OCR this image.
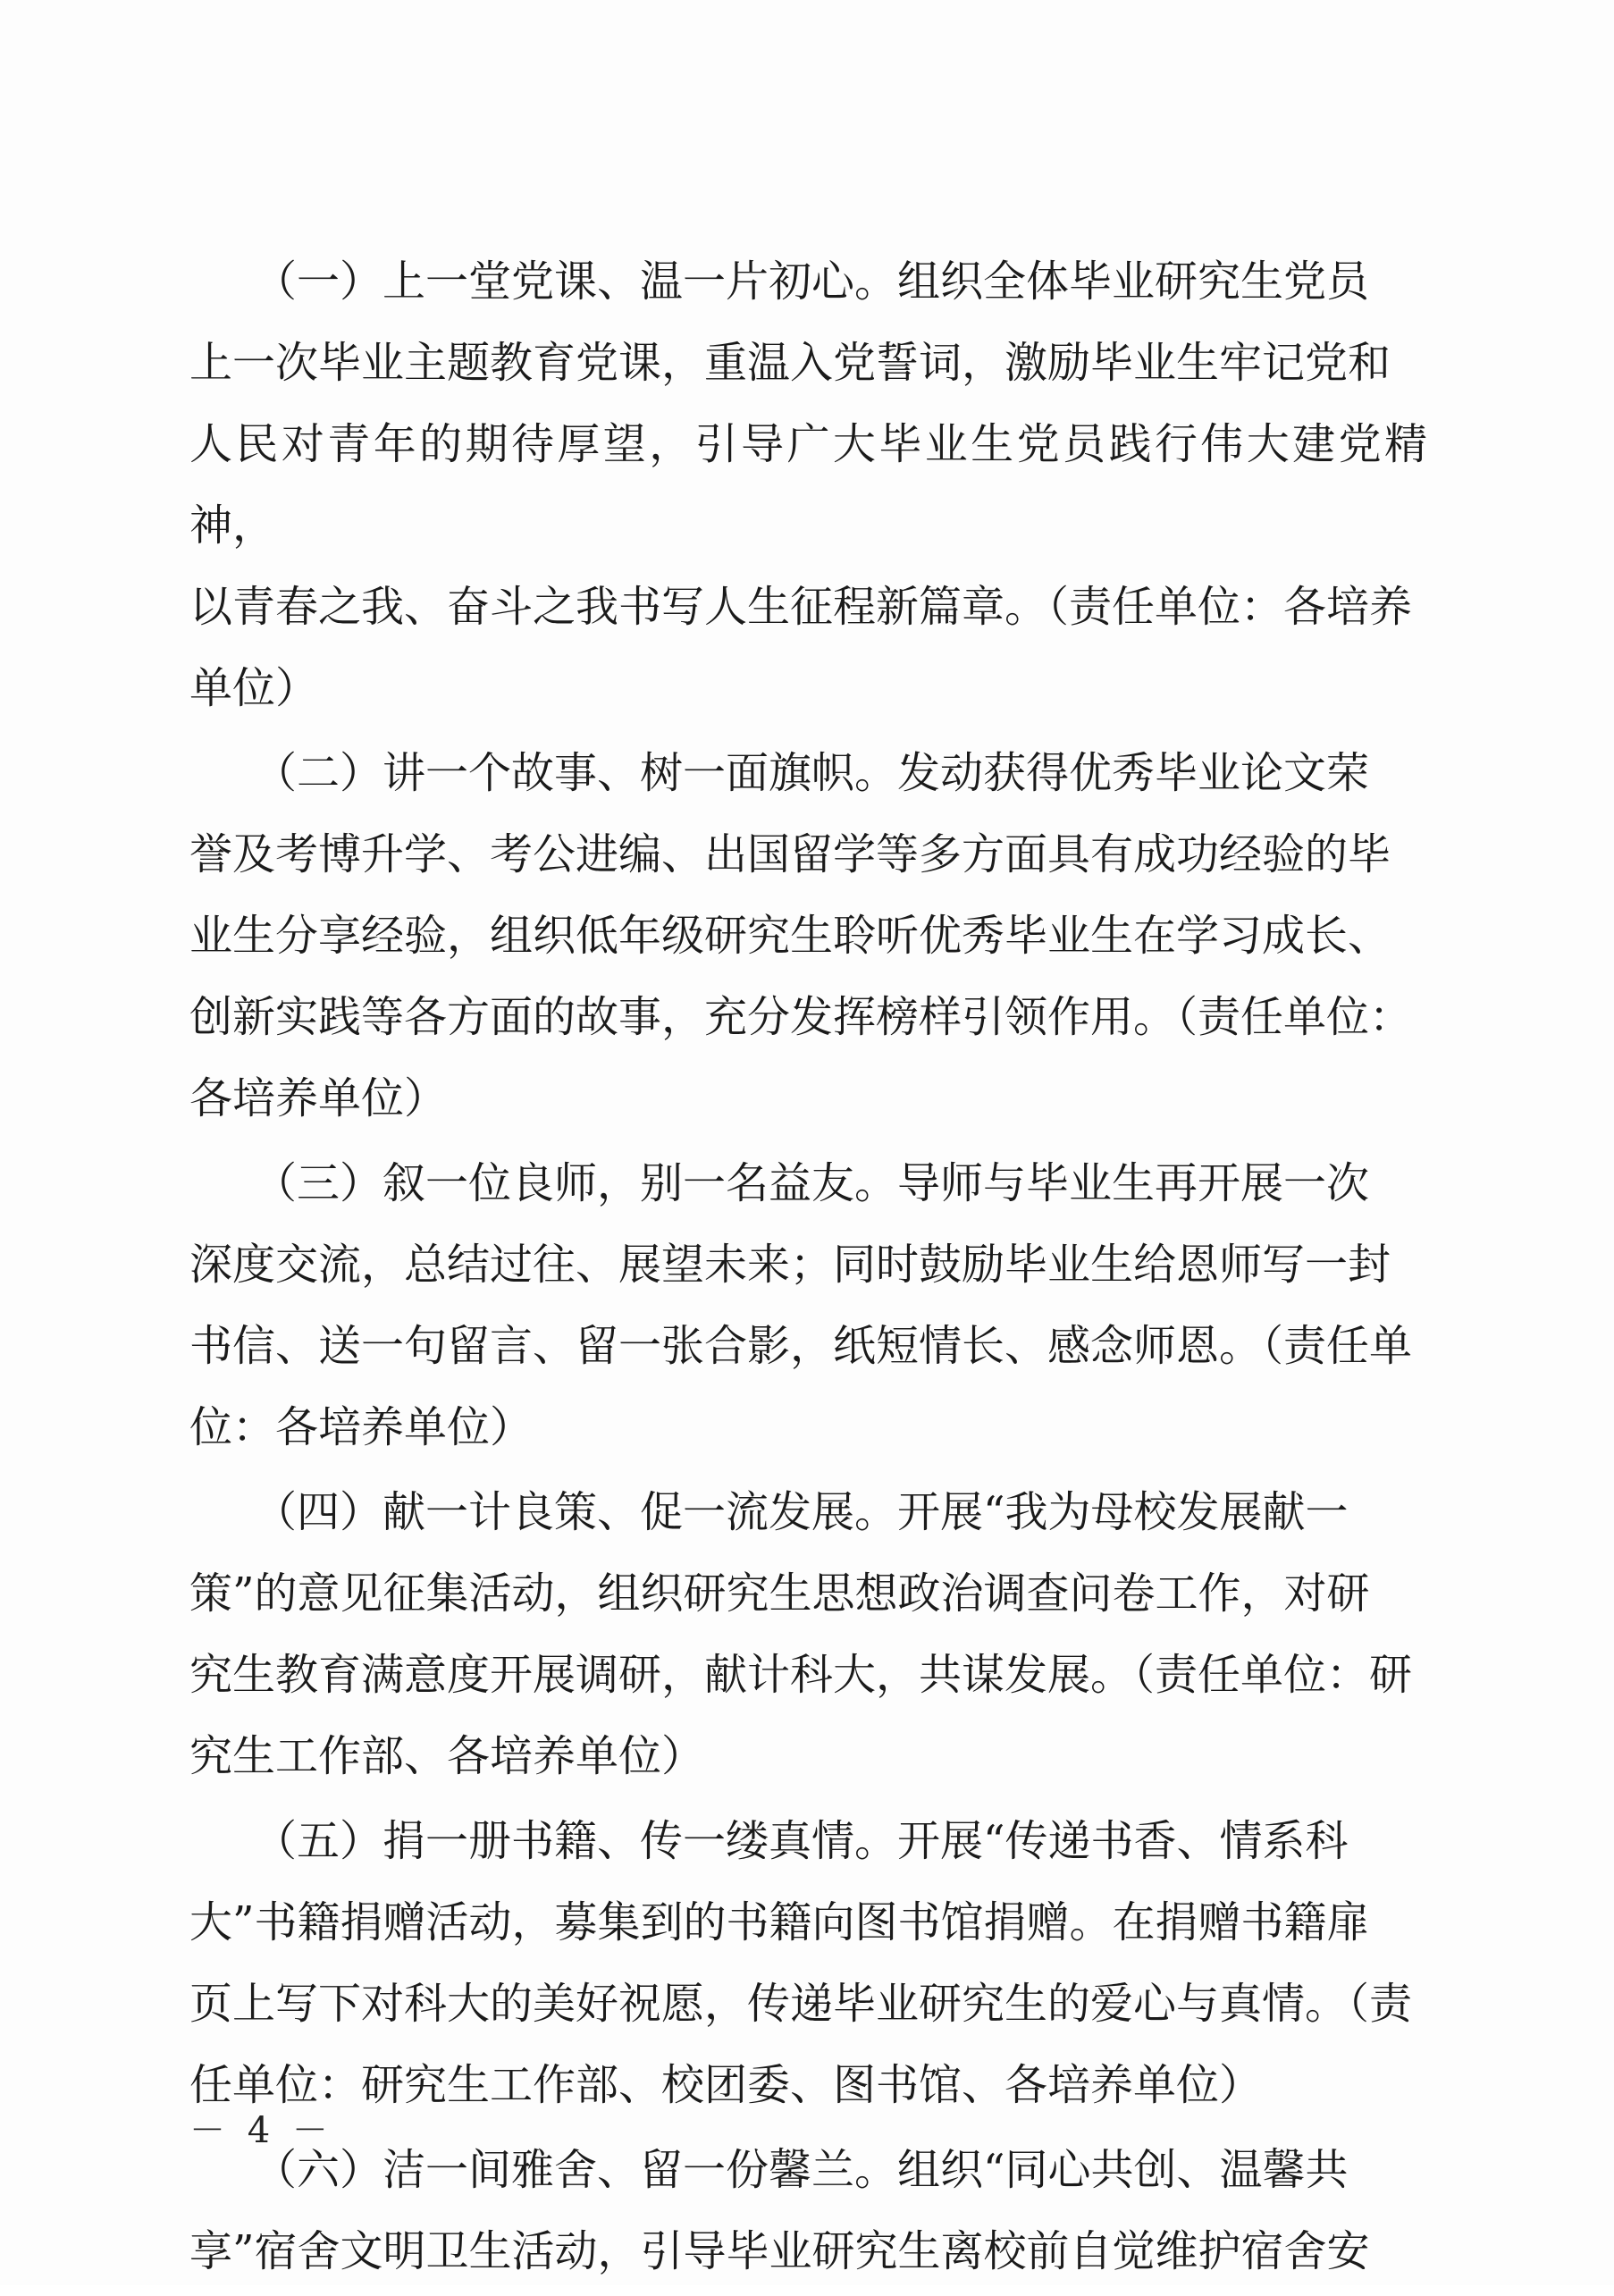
　　（一）上一堂党课、温一片初心。组织全体毕业研究生党员
上一次毕业主题教育党课，重温入党誓词，激励毕业生牢记党和
人民对青年的期待厚望，引导广大毕业生党员践行伟大建党精神，
以青春之我、奋斗之我书写人生征程新篇章。（责任单位：各培养
单位）

　　（二）讲一个故事、树一面旗帜。发动获得优秀毕业论文荣
誉及考博升学、考公进编、出国留学等多方面具有成功经验的毕
业生分享经验，组织低年级研究生聆听优秀毕业生在学习成长、
创新实践等各方面的故事，充分发挥榜样引领作用。（责任单位：
各培养单位）

　　（三）叙一位良师，别一名益友。导师与毕业生再开展一次
深度交流，总结过往、展望未来；同时鼓励毕业生给恩师写一封
书信、送一句留言、留一张合影，纸短情长、感念师恩。（责任单
位：各培养单位）

　　（四）献一计良策、促一流发展。开展“我为母校发展献一
策”的意见征集活动，组织研究生思想政治调查问卷工作，对研
究生教育满意度开展调研，献计科大，共谋发展。（责任单位：研
究生工作部、各培养单位）

　　（五）捐一册书籍、传一缕真情。开展“传递书香、情系科
大”书籍捐赠活动，募集到的书籍向图书馆捐赠。在捐赠书籍扉
页上写下对科大的美好祝愿，传递毕业研究生的爱心与真情。（责
任单位：研究生工作部、校团委、图书馆、各培养单位）

　　（六）洁一间雅舍、留一份馨兰。组织“同心共创、温馨共
享”宿舍文明卫生活动，引导毕业研究生离校前自觉维护宿舍安

－ 4 －
